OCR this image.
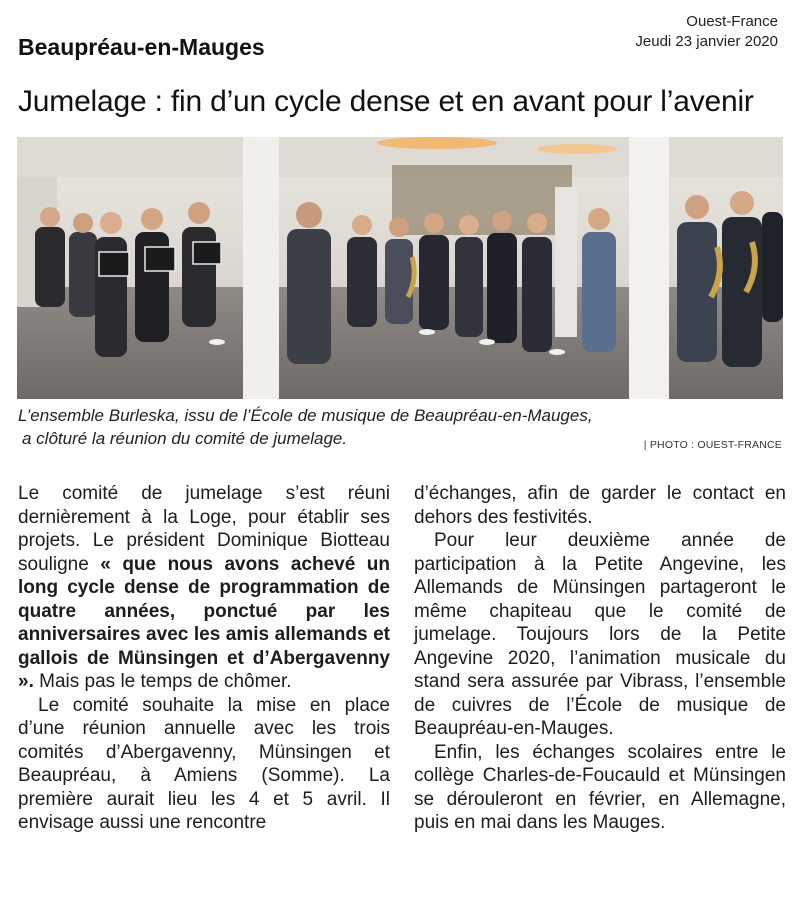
Ouest-France
Jeudi 23 janvier 2020
Beaupréau-en-Mauges
Jumelage : fin d’un cycle dense et en avant pour l’avenir
L’ensemble Burleska, issu de l’École de musique de Beaupréau-en-Mauges,
a clôturé la réunion du comité de jumelage.	| PHOTO : OUEST-FRANCE

Le comité de jumelage s’est réuni dernièrement à la Loge, pour établir ses projets. Le président Dominique Biotteau souligne « que nous avons achevé un long cycle dense de programmation de quatre années, ponctué par les anniversaires avec les amis allemands et gallois de Münsingen et d’Abergavenny ». Mais pas le temps de chômer.

Le comité souhaite la mise en place d’une réunion annuelle avec les trois comités d’Abergavenny, Münsingen et Beaupréau, à Amiens (Somme). La première aurait lieu les 4 et 5 avril. Il envisage aussi une rencontre

d’échanges, afin de garder le contact en dehors des festivités.

Pour leur deuxième année de participation à la Petite Angevine, les Allemands de Münsingen partageront le même chapiteau que le comité de jumelage. Toujours lors de la Petite Angevine 2020, l’animation musicale du stand sera assurée par Vibrass, l’ensemble de cuivres de l’École de musique de Beaupréau-en-Mauges.

Enfin, les échanges scolaires entre le collège Charles-de-Foucauld et Münsingen se dérouleront en février, en Allemagne, puis en mai dans les Mauges.
